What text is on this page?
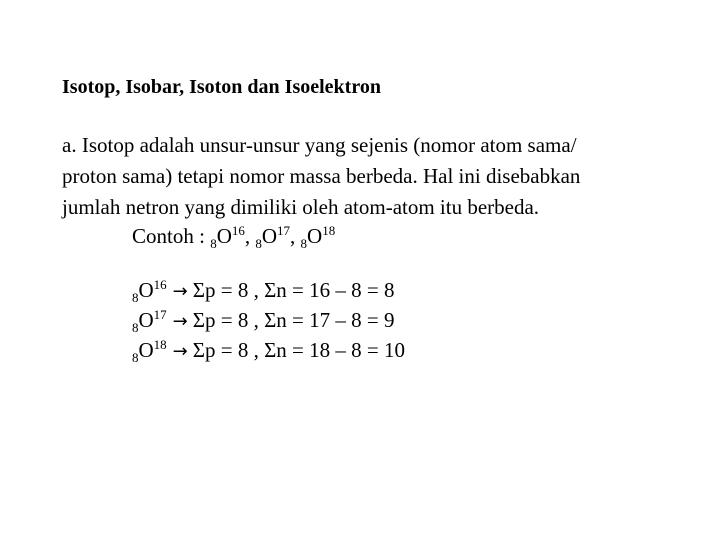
Isotop, Isobar, Isoton dan Isoelektron
a. Isotop adalah unsur-unsur yang sejenis (nomor atom sama/
proton sama) tetapi nomor massa berbeda. Hal ini disebabkan
jumlah netron yang dimiliki oleh atom-atom itu berbeda.
Contoh : $_8O^{16}$, $_8O^{17}$, $_8O^{18}$
$_8O^{16} \to \Sigma p = 8$ , Σn = 16 – 8 = 8
$_8O^{17} \to \Sigma p = 8$ , Σn = 17 – 8 = 9
$_8O^{18} \to \Sigma p = 8$ , Σn = 18 – 8 = 10
